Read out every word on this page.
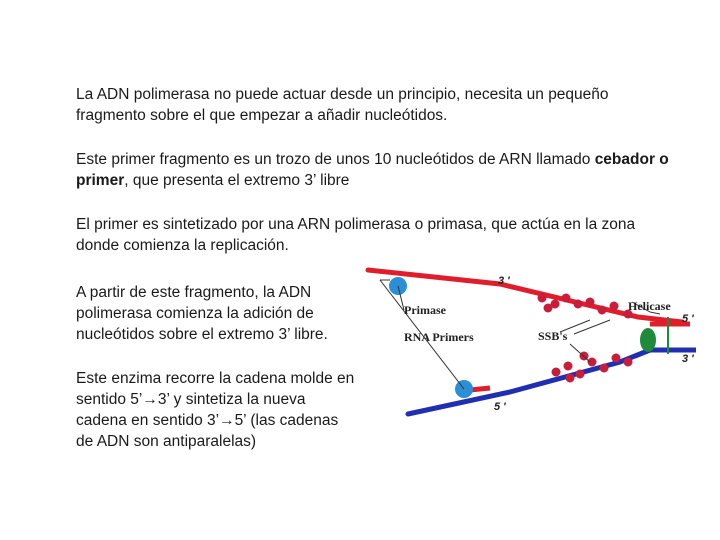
La ADN polimerasa no puede actuar desde un principio, necesita un pequeño fragmento sobre el que empezar a añadir nucleótidos.

Este primer fragmento es un trozo de unos 10 nucleótidos de ARN llamado cebador o primer, que presenta el extremo 3’ libre

El primer es sintetizado por una ARN polimerasa o primasa, que actúa en la zona donde comienza la replicación.

A partir de este fragmento, la ADN polimerasa comienza la adición de nucleótidos sobre el extremo 3’ libre.

Este enzima recorre la cadena molde en sentido 5’→3’ y sintetiza la nueva cadena en sentido 3’→5’ (las cadenas de ADN son antiparalelas)

Primase
RNA Primers	SSB's
Helicase
3 '
5 '
3 '
5 '
